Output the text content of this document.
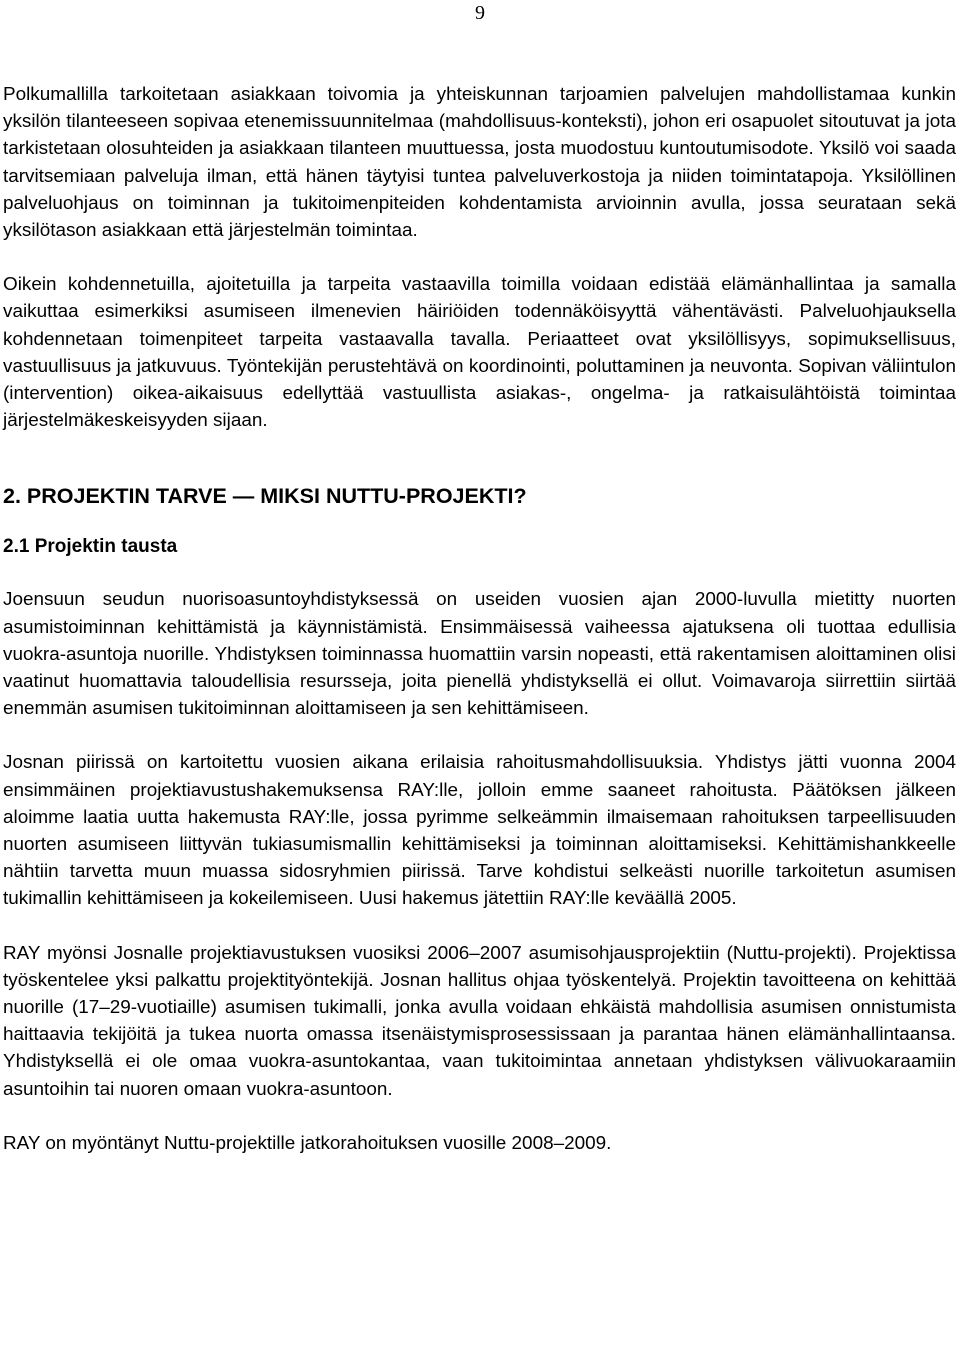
9

Polkumallilla tarkoitetaan asiakkaan toivomia ja yhteiskunnan tarjoamien palvelujen mahdollistamaa kunkin yksilön tilanteeseen sopivaa etenemissuunnitelmaa (mahdollisuus-konteksti), johon eri osapuolet sitoutuvat ja jota tarkistetaan olosuhteiden ja asiakkaan tilanteen muuttuessa, josta muodostuu kuntoutumisodote. Yksilö voi saada tarvitsemiaan palveluja ilman, että hänen täytyisi tuntea palveluverkostoja ja niiden toimintatapoja. Yksilöllinen palveluohjaus on toiminnan ja tukitoimenpiteiden kohdentamista arvioinnin avulla, jossa seurataan sekä yksilötason asiakkaan että järjestelmän toimintaa.

Oikein kohdennetuilla, ajoitetuilla ja tarpeita vastaavilla toimilla voidaan edistää elämänhallintaa ja samalla vaikuttaa esimerkiksi asumiseen ilmenevien häiriöiden todennäköisyyttä vähentävästi. Palveluohjauksella kohdennetaan toimenpiteet tarpeita vastaavalla tavalla. Periaatteet ovat yksilöllisyys, sopimuksellisuus, vastuullisuus ja jatkuvuus. Työntekijän perustehtävä on koordinointi, poluttaminen ja neuvonta. Sopivan väliintulon (intervention) oikea-aikaisuus edellyttää vastuullista asiakas-, ongelma- ja ratkaisulähtöistä toimintaa järjestelmäkeskeisyyden sijaan.

2. PROJEKTIN TARVE — MIKSI NUTTU-PROJEKTI?
2.1 Projektin tausta

Joensuun seudun nuorisoasuntoyhdistyksessä on useiden vuosien ajan 2000-luvulla mietitty nuorten asumistoiminnan kehittämistä ja käynnistämistä. Ensimmäisessä vaiheessa ajatuksena oli tuottaa edullisia vuokra-asuntoja nuorille. Yhdistyksen toiminnassa huomattiin varsin nopeasti, että rakentamisen aloittaminen olisi vaatinut huomattavia taloudellisia resursseja, joita pienellä yhdistyksellä ei ollut. Voimavaroja siirrettiin siirtää enemmän asumisen tukitoiminnan aloittamiseen ja sen kehittämiseen.

Josnan piirissä on kartoitettu vuosien aikana erilaisia rahoitusmahdollisuuksia. Yhdistys jätti vuonna 2004 ensimmäinen projektiavustushakemuksensa RAY:lle, jolloin emme saaneet rahoitusta. Päätöksen jälkeen aloimme laatia uutta hakemusta RAY:lle, jossa pyrimme selkeämmin ilmaisemaan rahoituksen tarpeellisuuden nuorten asumiseen liittyvän tukiasumismallin kehittämiseksi ja toiminnan aloittamiseksi. Kehittämishankkeelle nähtiin tarvetta muun muassa sidosryhmien piirissä. Tarve kohdistui selkeästi nuorille tarkoitetun asumisen tukimallin kehittämiseen ja kokeilemiseen. Uusi hakemus jätettiin RAY:lle keväällä 2005.

RAY myönsi Josnalle projektiavustuksen vuosiksi 2006–2007 asumisohjausprojektiin (Nuttu-projekti). Projektissa työskentelee yksi palkattu projektityöntekijä. Josnan hallitus ohjaa työskentelyä. Projektin tavoitteena on kehittää nuorille (17–29-vuotiaille) asumisen tukimalli, jonka avulla voidaan ehkäistä mahdollisia asumisen onnistumista haittaavia tekijöitä ja tukea nuorta omassa itsenäistymisprosessissaan ja parantaa hänen elämänhallintaansa. Yhdistyksellä ei ole omaa vuokra-asuntokantaa, vaan tukitoimintaa annetaan yhdistyksen välivuokaraamiin asuntoihin tai nuoren omaan vuokra-asuntoon.

RAY on myöntänyt Nuttu-projektille jatkorahoituksen vuosille 2008–2009.
